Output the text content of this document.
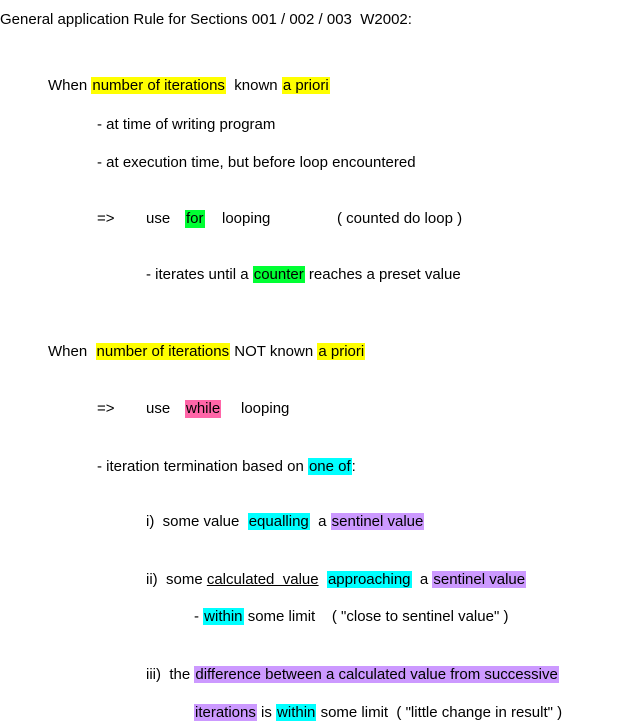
General application Rule for Sections 001 / 002 / 003  W2002:
When number of iterations  known a priori
- at time of writing program
- at execution time, but before loop encountered
=> use for looping	( counted do loop )
- iterates until a counter reaches a preset value
When  number of iterations NOT known a priori
=> use while looping
- iteration termination based on one of:
i)  some value  equalling  a sentinel value
ii)  some calculated  value approaching  a sentinel value
- within some limit    ( "close to sentinel value" )
iii)  the difference between a calculated value from successive
iterations is within some limit  ( "little change in result" )
